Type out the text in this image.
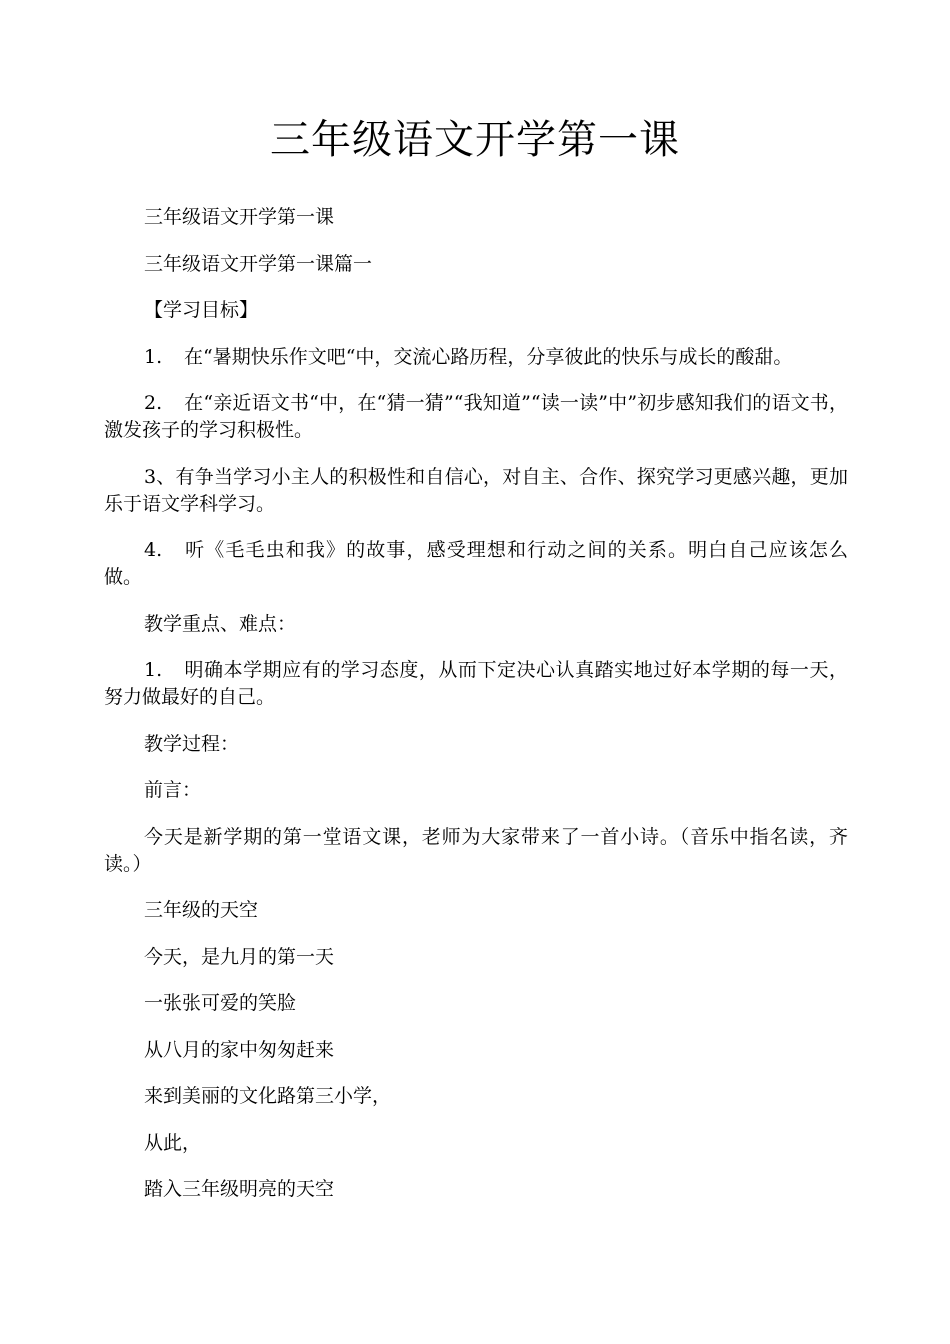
三年级语文开学第一课

三年级语文开学第一课

三年级语文开学第一课篇一

【学习目标】

1. 在“暑期快乐作文吧“中，交流心路历程，分享彼此的快乐与成长的酸甜。

2. 在“亲近语文书“中，在“猜一猜”“我知道”“读一读”中”初步感知我们的语文书，激发孩子的学习积极性。

3、有争当学习小主人的积极性和自信心，对自主、合作、探究学习更感兴趣，更加乐于语文学科学习。

4. 听《毛毛虫和我》的故事，感受理想和行动之间的关系。明白自己应该怎么做。

教学重点、难点：

1. 明确本学期应有的学习态度，从而下定决心认真踏实地过好本学期的每一天，努力做最好的自己。

教学过程：

前言：

今天是新学期的第一堂语文课，老师为大家带来了一首小诗。（音乐中指名读，齐读。）

三年级的天空

今天，是九月的第一天

一张张可爱的笑脸

从八月的家中匆匆赶来

来到美丽的文化路第三小学，

从此，

踏入三年级明亮的天空
